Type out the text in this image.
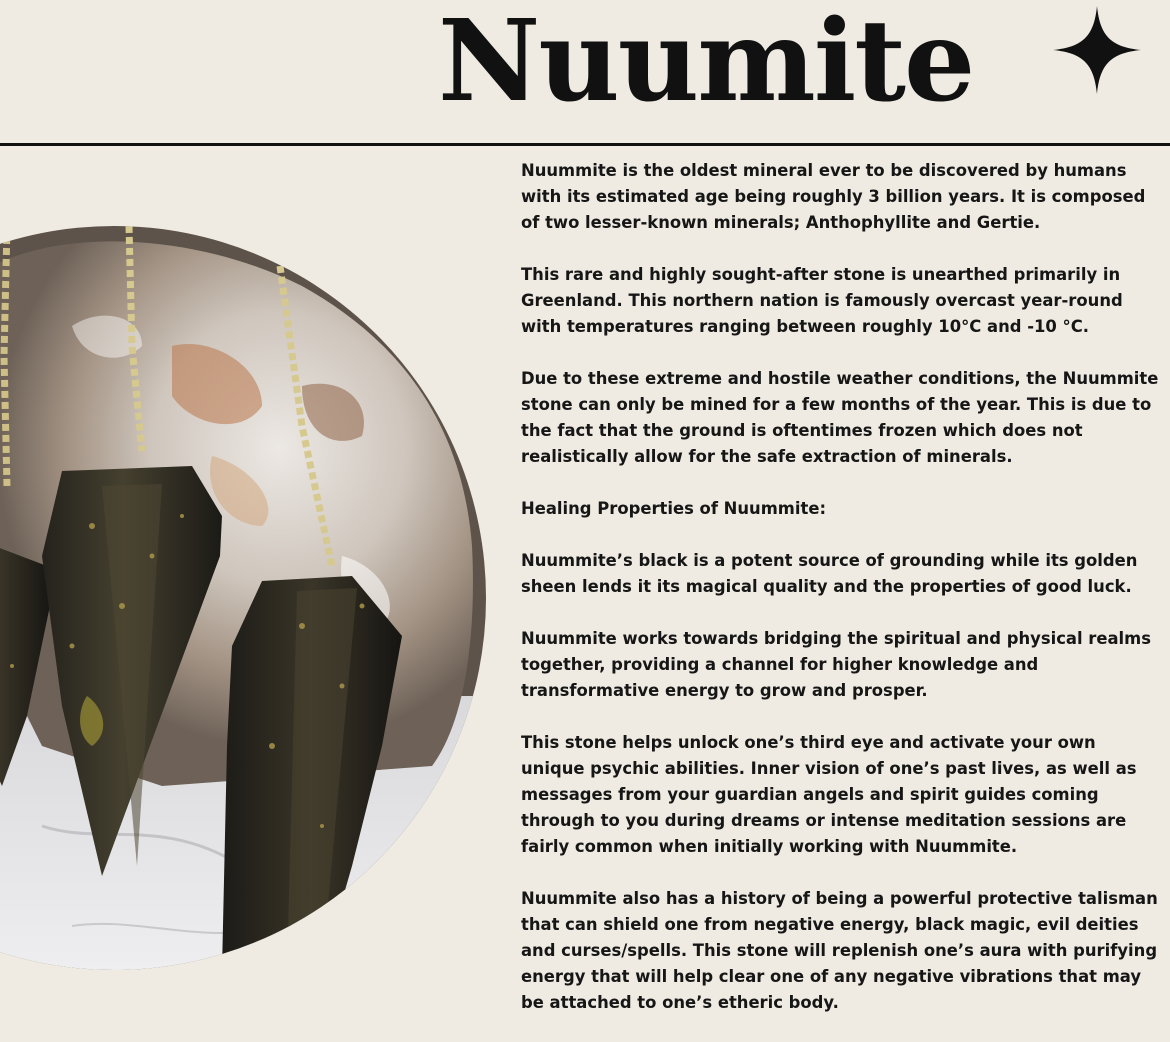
Nuumite

Nuummite is the oldest mineral ever to be discovered by humans with its estimated age being roughly 3 billion years. It is composed of two lesser-known minerals; Anthophyllite and Gertie.

This rare and highly sought-after stone is unearthed primarily in Greenland. This northern nation is famously overcast year-round with temperatures ranging between roughly 10°C and -10 °C.

Due to these extreme and hostile weather conditions, the Nuummite stone can only be mined for a few months of the year. This is due to the fact that the ground is oftentimes frozen which does not realistically allow for the safe extraction of minerals.

Healing Properties of Nuummite:

Nuummite’s black is a potent source of grounding while its golden sheen lends it its magical quality and the properties of good luck.

Nuummite works towards bridging the spiritual and physical realms together, providing a channel for higher knowledge and transformative energy to grow and prosper.

This stone helps unlock one’s third eye and activate your own unique psychic abilities. Inner vision of one’s past lives, as well as messages from your guardian angels and spirit guides coming through to you during dreams or intense meditation sessions are fairly common when initially working with Nuummite.

Nuummite also has a history of being a powerful protective talisman that can shield one from negative energy, black magic, evil deities and curses/spells. This stone will replenish one’s aura with purifying energy that will help clear one of any negative vibrations that may be attached to one’s etheric body.
